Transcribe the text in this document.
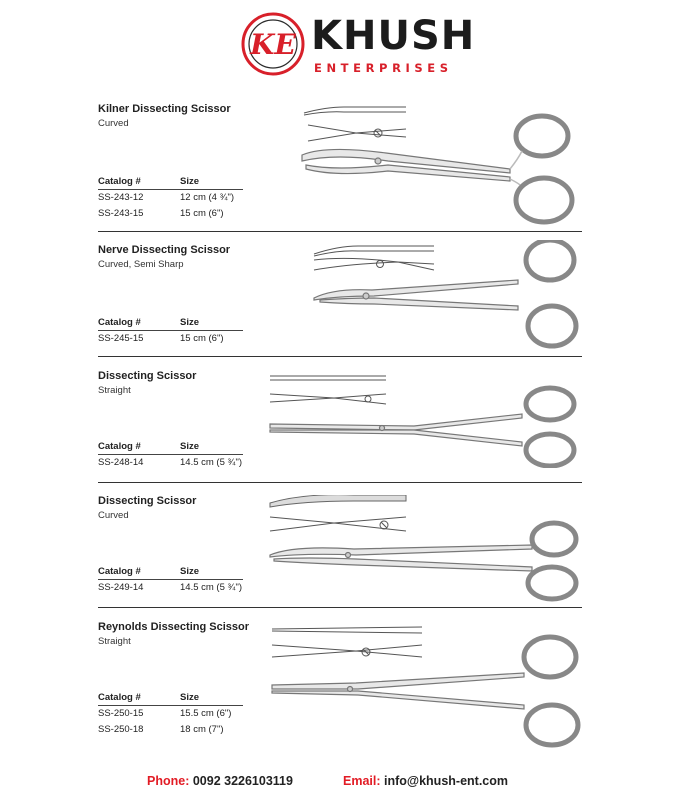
KE KHUSH
ENTERPRISES
Kilner Dissecting Scissor
Curved
Catalog #	Size
SS-243-12	12 cm (4 ¾")
SS-243-15	15 cm (6")
Nerve Dissecting Scissor
Curved, Semi Sharp
Catalog #	Size
SS-245-15	15 cm (6")
Dissecting Scissor
Straight
Catalog #	Size
SS-248-14	14.5 cm (5 ¾")
Dissecting Scissor
Curved
Catalog #	Size
SS-249-14	14.5 cm (5 ¾")
Reynolds Dissecting Scissor
Straight
Catalog #	Size
SS-250-15	15.5 cm (6")
SS-250-18	18 cm (7")
Phone: 0092 3226103119	Email: info@khush-ent.com
